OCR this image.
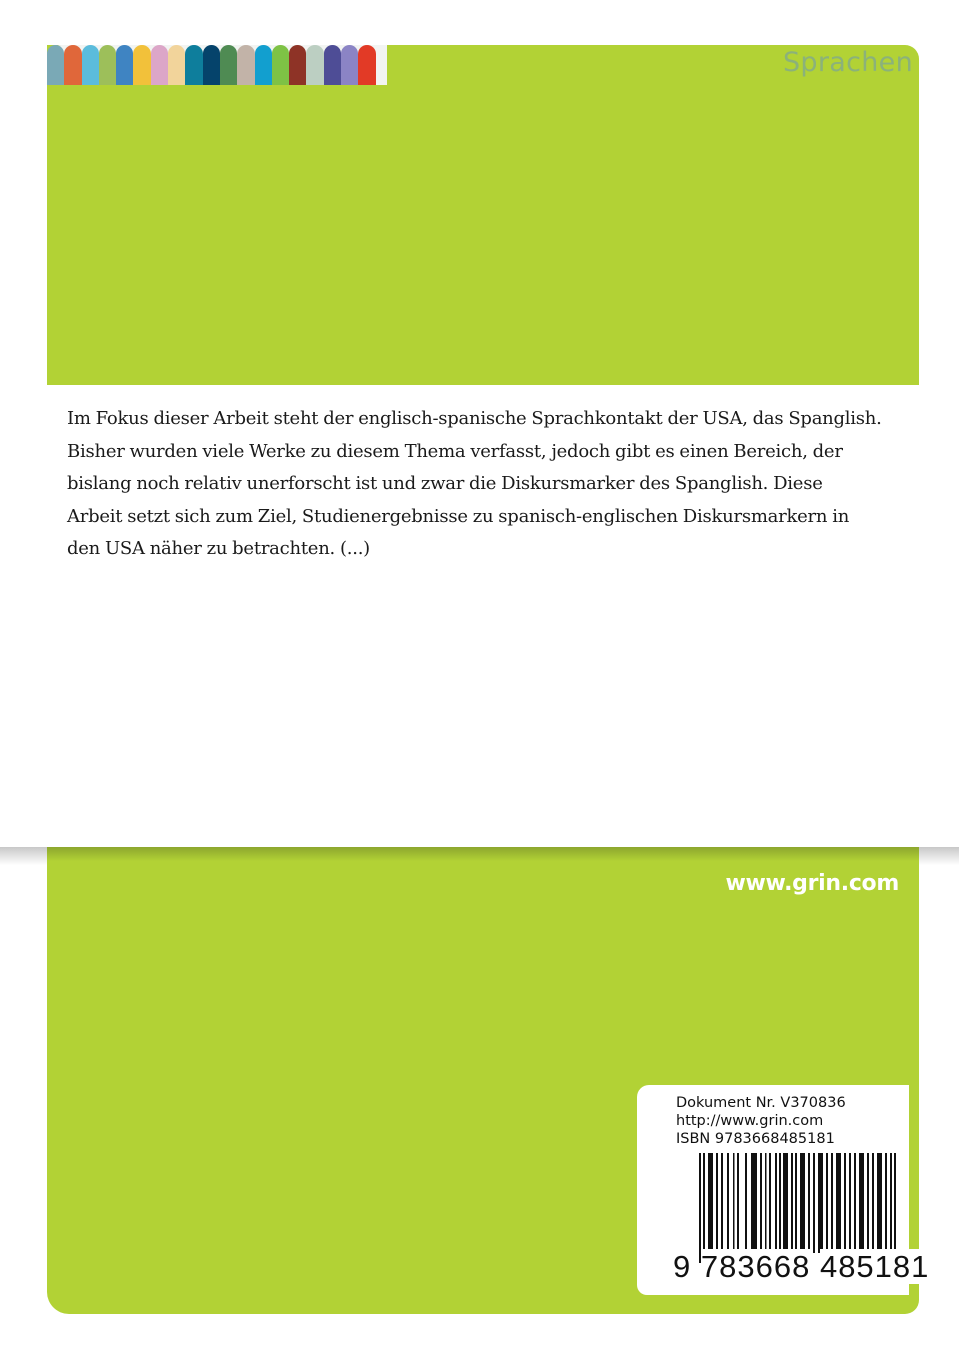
Sprachen

Im Fokus dieser Arbeit steht der englisch-spanische Sprachkontakt der USA, das Spanglish.

Bisher wurden viele Werke zu diesem Thema verfasst, jedoch gibt es einen Bereich, der

bislang noch relativ unerforscht ist und zwar die Diskursmarker des Spanglish. Diese

Arbeit setzt sich zum Ziel, Studienergebnisse zu spanisch-englischen Diskursmarkern in

den USA näher zu betrachten. (...)

www.grin.com
Dokument Nr. V370836
http://www.grin.com
ISBN 9783668485181
9 783668 485181
